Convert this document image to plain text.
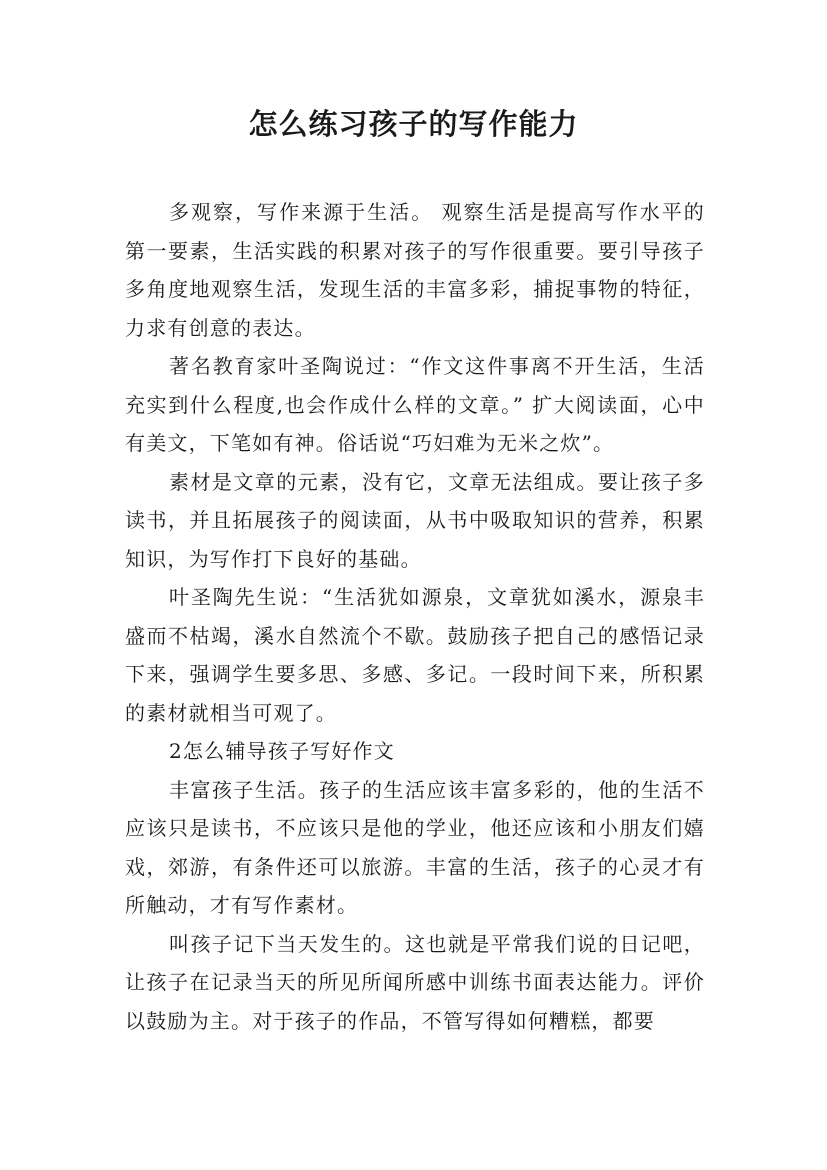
怎么练习孩子的写作能力

多观察，写作来源于生活。 观察生活是提高写作水平的第一要素，生活实践的积累对孩子的写作很重要。要引导孩子多角度地观察生活，发现生活的丰富多彩，捕捉事物的特征，力求有创意的表达。

著名教育家叶圣陶说过：“作文这件事离不开生活，生活充实到什么程度,也会作成什么样的文章。” 扩大阅读面，心中有美文，下笔如有神。俗话说“巧妇难为无米之炊”。

素材是文章的元素，没有它，文章无法组成。要让孩子多读书，并且拓展孩子的阅读面，从书中吸取知识的营养，积累知识，为写作打下良好的基础。

叶圣陶先生说：“生活犹如源泉，文章犹如溪水，源泉丰盛而不枯竭，溪水自然流个不歇。鼓励孩子把自己的感悟记录下来，强调学生要多思、多感、多记。一段时间下来，所积累的素材就相当可观了。

2怎么辅导孩子写好作文

丰富孩子生活。孩子的生活应该丰富多彩的，他的生活不应该只是读书，不应该只是他的学业，他还应该和小朋友们嬉戏，郊游，有条件还可以旅游。丰富的生活，孩子的心灵才有所触动，才有写作素材。

叫孩子记下当天发生的。这也就是平常我们说的日记吧，让孩子在记录当天的所见所闻所感中训练书面表达能力。评价以鼓励为主。对于孩子的作品，不管写得如何糟糕，都要
